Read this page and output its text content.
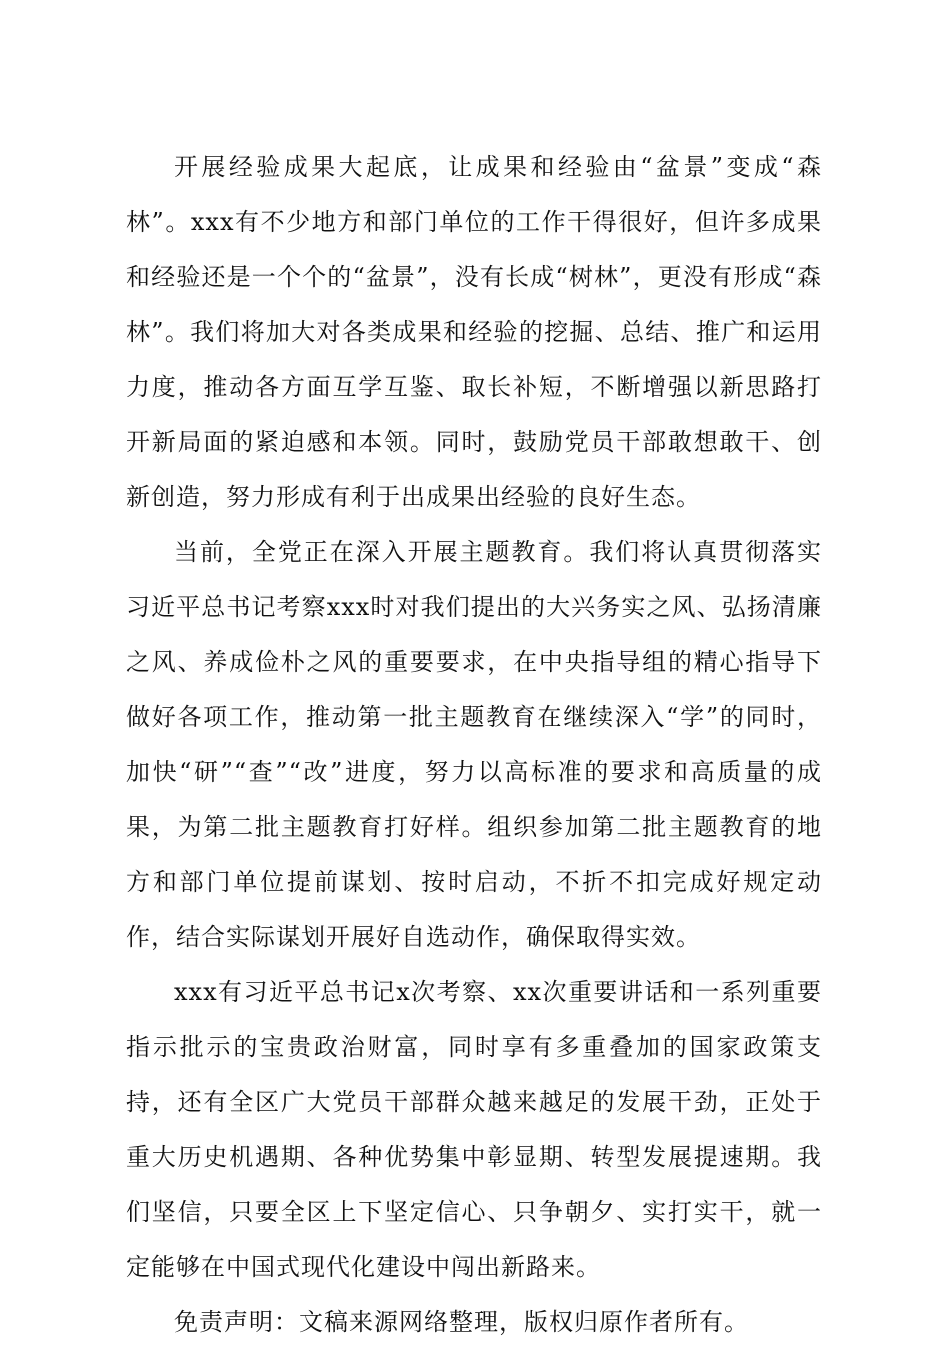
开展经验成果大起底，让成果和经验由“盆景”变成“森林”。xxx有不少地方和部门单位的工作干得很好，但许多成果和经验还是一个个的“盆景”，没有长成“树林”，更没有形成“森林”。我们将加大对各类成果和经验的挖掘、总结、推广和运用力度，推动各方面互学互鉴、取长补短，不断增强以新思路打开新局面的紧迫感和本领。同时，鼓励党员干部敢想敢干、创新创造，努力形成有利于出成果出经验的良好生态。

当前，全党正在深入开展主题教育。我们将认真贯彻落实习近平总书记考察xxx时对我们提出的大兴务实之风、弘扬清廉之风、养成俭朴之风的重要要求，在中央指导组的精心指导下做好各项工作，推动第一批主题教育在继续深入“学”的同时，加快“研”“查”“改”进度，努力以高标准的要求和高质量的成果，为第二批主题教育打好样。组织参加第二批主题教育的地方和部门单位提前谋划、按时启动，不折不扣完成好规定动作，结合实际谋划开展好自选动作，确保取得实效。

xxx有习近平总书记x次考察、xx次重要讲话和一系列重要指示批示的宝贵政治财富，同时享有多重叠加的国家政策支持，还有全区广大党员干部群众越来越足的发展干劲，正处于重大历史机遇期、各种优势集中彰显期、转型发展提速期。我们坚信，只要全区上下坚定信心、只争朝夕、实打实干，就一定能够在中国式现代化建设中闯出新路来。

免责声明：文稿来源网络整理，版权归原作者所有。
